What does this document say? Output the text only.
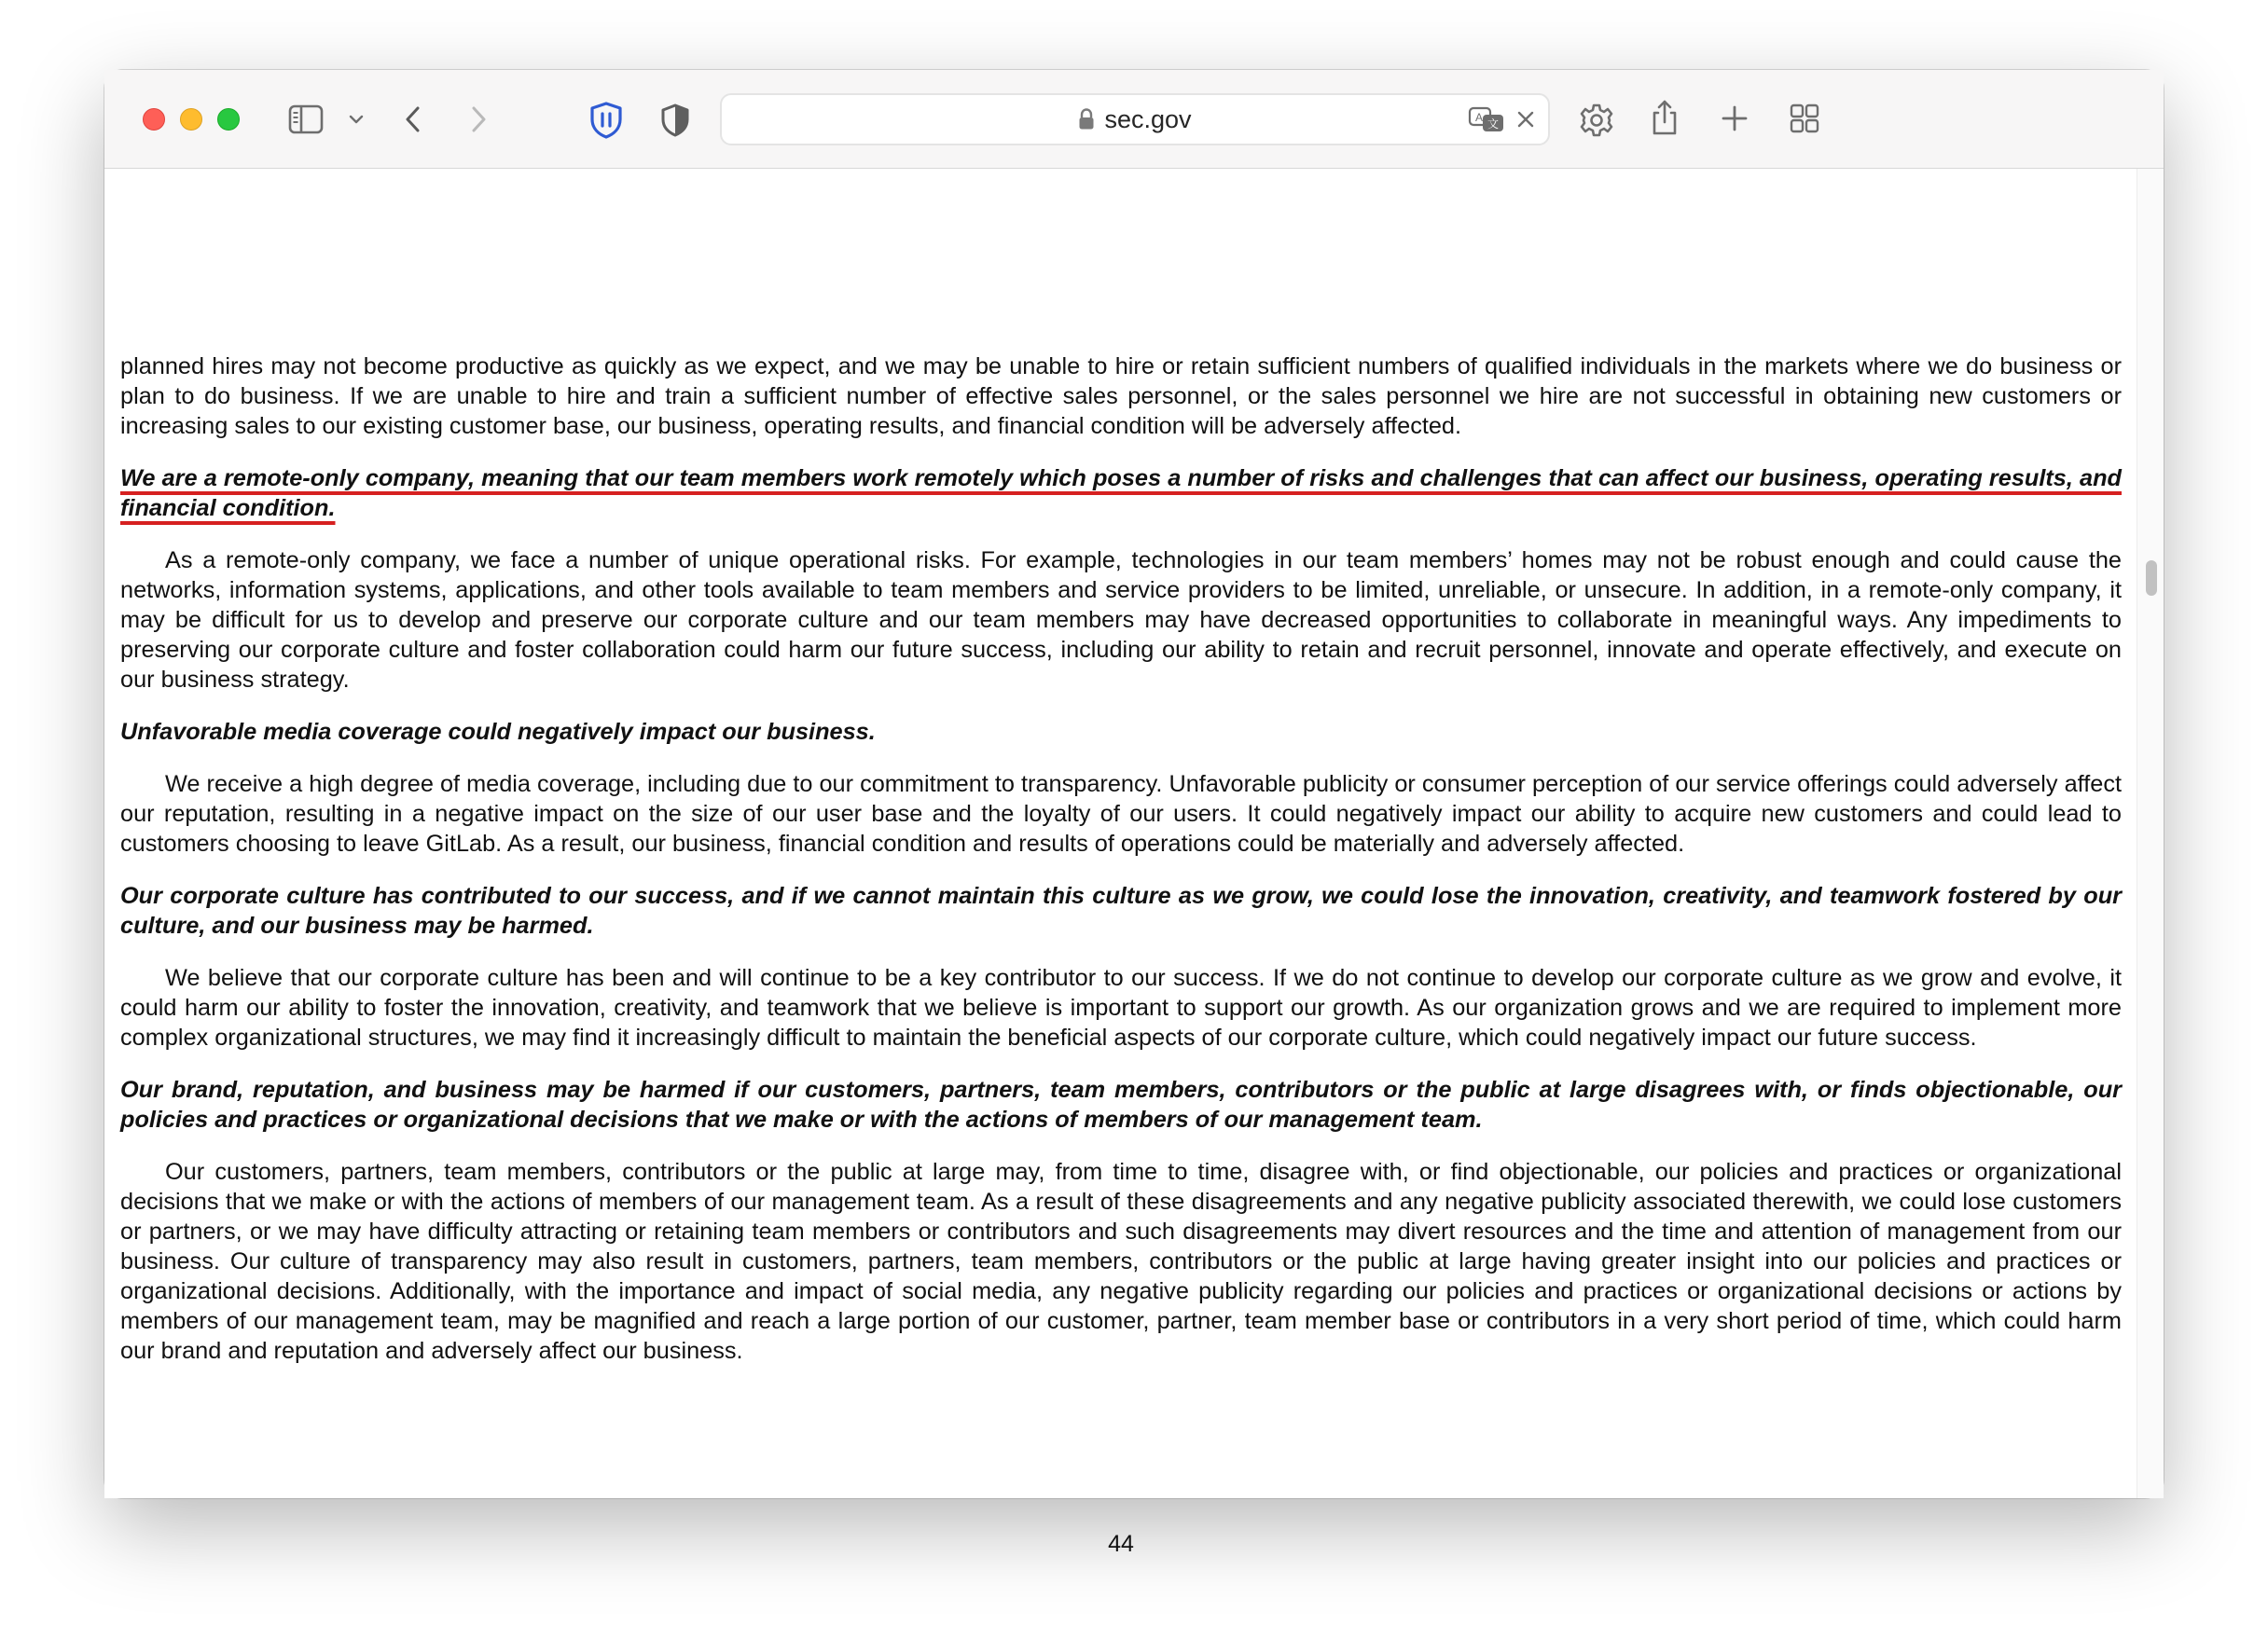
sec.gov	A 文

planned hires may not become productive as quickly as we expect, and we may be unable to hire or retain sufficient numbers of qualified individuals in the markets where we do business or plan to do business. If we are unable to hire and train a sufficient number of effective sales personnel, or the sales personnel we hire are not successful in obtaining new customers or increasing sales to our existing customer base, our business, operating results, and financial condition will be adversely affected.

We are a remote-only company, meaning that our team members work remotely which poses a number of risks and challenges that can affect our business, operating results, and financial condition.

As a remote-only company, we face a number of unique operational risks. For example, technologies in our team members’ homes may not be robust enough and could cause the networks, information systems, applications, and other tools available to team members and service providers to be limited, unreliable, or unsecure. In addition, in a remote-only company, it may be difficult for us to develop and preserve our corporate culture and our team members may have decreased opportunities to collaborate in meaningful ways. Any impediments to preserving our corporate culture and foster collaboration could harm our future success, including our ability to retain and recruit personnel, innovate and operate effectively, and execute on our business strategy.

Unfavorable media coverage could negatively impact our business.

We receive a high degree of media coverage, including due to our commitment to transparency. Unfavorable publicity or consumer perception of our service offerings could adversely affect our reputation, resulting in a negative impact on the size of our user base and the loyalty of our users. It could negatively impact our ability to acquire new customers and could lead to customers choosing to leave GitLab. As a result, our business, financial condition and results of operations could be materially and adversely affected.

Our corporate culture has contributed to our success, and if we cannot maintain this culture as we grow, we could lose the innovation, creativity, and teamwork fostered by our culture, and our business may be harmed.

We believe that our corporate culture has been and will continue to be a key contributor to our success. If we do not continue to develop our corporate culture as we grow and evolve, it could harm our ability to foster the innovation, creativity, and teamwork that we believe is important to support our growth. As our organization grows and we are required to implement more complex organizational structures, we may find it increasingly difficult to maintain the beneficial aspects of our corporate culture, which could negatively impact our future success.

Our brand, reputation, and business may be harmed if our customers, partners, team members, contributors or the public at large disagrees with, or finds objectionable, our policies and practices or organizational decisions that we make or with the actions of members of our management team.

Our customers, partners, team members, contributors or the public at large may, from time to time, disagree with, or find objectionable, our policies and practices or organizational decisions that we make or with the actions of members of our management team. As a result of these disagreements and any negative publicity associated therewith, we could lose customers or partners, or we may have difficulty attracting or retaining team members or contributors and such disagreements may divert resources and the time and attention of management from our business. Our culture of transparency may also result in customers, partners, team members, contributors or the public at large having greater insight into our policies and practices or organizational decisions. Additionally, with the importance and impact of social media, any negative publicity regarding our policies and practices or organizational decisions or actions by members of our management team, may be magnified and reach a large portion of our customer, partner, team member base or contributors in a very short period of time, which could harm our brand and reputation and adversely affect our business.

44
